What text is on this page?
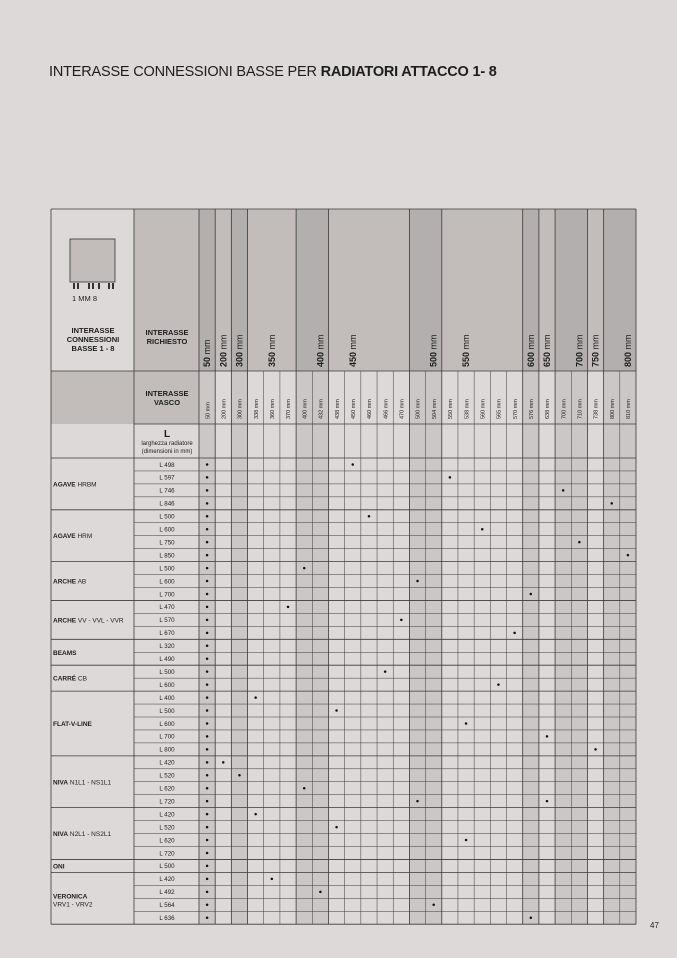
INTERASSE CONNESSIONI BASSE PER RADIATORI ATTACCO 1- 8
1 MM 8
INTERASSE
CONNESSIONI
BASSE 1 - 8
INTERASSE
RICHIESTO
INTERASSE
VASCO
L
larghezza radiatore
(dimensioni in mm)
50 mm
200 mm
300 mm
350 mm
400 mm
450 mm
500 mm
550 mm
600 mm
650 mm
700 mm
750 mm
800 mm
50 mm 200 mm 300 mm 338 mm 360 mm 370 mm 400 mm 432 mm 438 mm 450 mm 460 mm 466 mm 470 mm 500 mm 504 mm 550 mm 538 mm 560 mm 565 mm 570 mm 576 mm 638 mm 700 mm 710 mm 738 mm 800 mm 810 mm
AGAVE HRBM
L 498
L 597
L 746
L 846
AGAVE HRM
L 500
L 600
L 750
L 850
ARCHE AB
L 500
L 600
L 700
ARCHE VV - VVL - VVR
L 470
L 570
L 670
BEAMS
L 320
L 490
CARRÉ CB
L 500
L 600
FLAT-V-LINE
L 400
L 500
L 600
L 700
L 800
NIVA N1L1 - NS1L1
L 420
L 520
L 620
L 720
NIVA N2L1 - NS2L1
L 420
L 520
L 620
L 720
ONI	L 500
VERONICA VRV1 - VRV2
L 420
L 492
L 564
L 636
47
